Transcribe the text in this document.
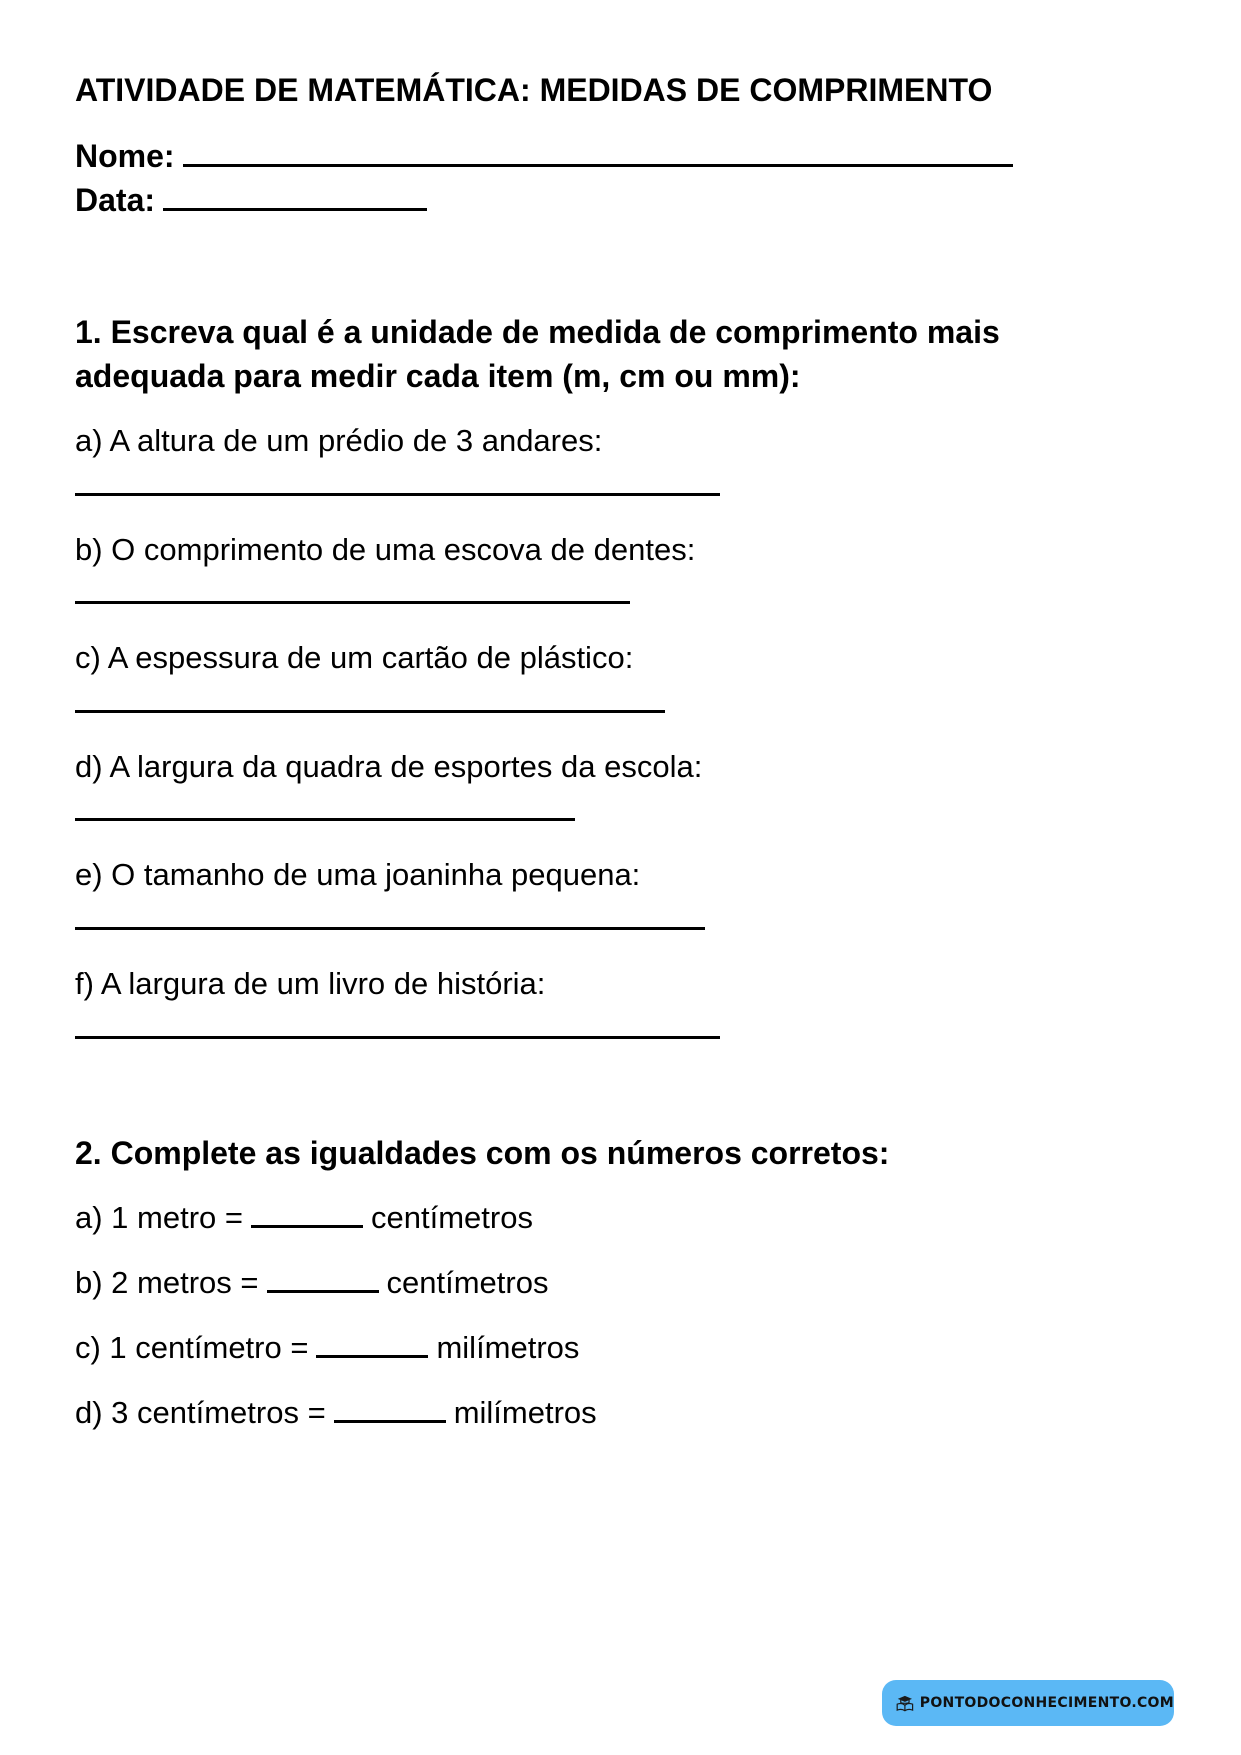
ATIVIDADE DE MATEMÁTICA: MEDIDAS DE COMPRIMENTO
Nome:
Data:
1. Escreva qual é a unidade de medida de comprimento mais adequada para medir cada item (m, cm ou mm):
a) A altura de um prédio de 3 andares:
b) O comprimento de uma escova de dentes:
c) A espessura de um cartão de plástico:
d) A largura da quadra de esportes da escola:
e) O tamanho de uma joaninha pequena:
f) A largura de um livro de história:
2. Complete as igualdades com os números corretos:
a) 1 metro =	centímetros
b) 2 metros =	centímetros
c) 1 centímetro =	milímetros
d) 3 centímetros =	milímetros
PONTODOCONHECIMENTO.COM
